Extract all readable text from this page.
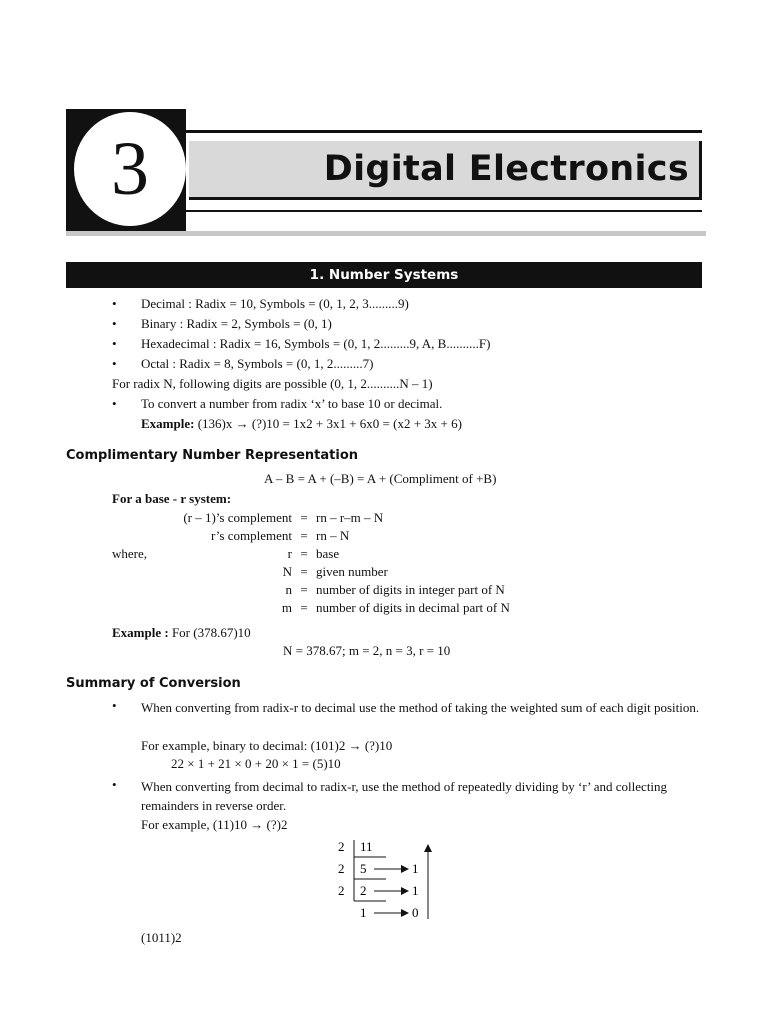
3	Digital Electronics
1. Number Systems
• Decimal : Radix = 10, Symbols = (0, 1, 2, 3.........9)
• Binary : Radix = 2, Symbols = (0, 1)
• Hexadecimal : Radix = 16, Symbols = (0, 1, 2.........9, A, B..........F)
• Octal : Radix = 8, Symbols = (0, 1, 2.........7)
For radix N, following digits are possible (0, 1, 2..........N – 1)
• To convert a number from radix ‘x’ to base 10 or decimal.
Example: (136)x → (?)10 = 1x2 + 3x1 + 6x0 = (x2 + 3x + 6)
Complimentary Number Representation
A – B = A + (–B) = A + (Compliment of +B)
For a base - r system:
where,
(r – 1)’s complement	=	rn – r–m – N
r’s complement	=	rn – N
r	=	base
N	=	given number
n	=	number of digits in integer part of N
m	=	number of digits in decimal part of N
Example : For (378.67)10
N = 378.67; m = 2, n = 3, r = 10
Summary of Conversion
• When converting from radix-r to decimal use the method of taking the weighted sum of each digit position.
For example, binary to decimal: (101)2 → (?)10
22 × 1 + 21 × 0 + 20 × 1 = (5)10
• When converting from decimal to radix-r, use the method of repeatedly dividing by ‘r’ and collecting remainders in reverse order.
For example, (11)10 → (?)2
2
2
2
11
5
2
1
1
1
0
(1011)2
